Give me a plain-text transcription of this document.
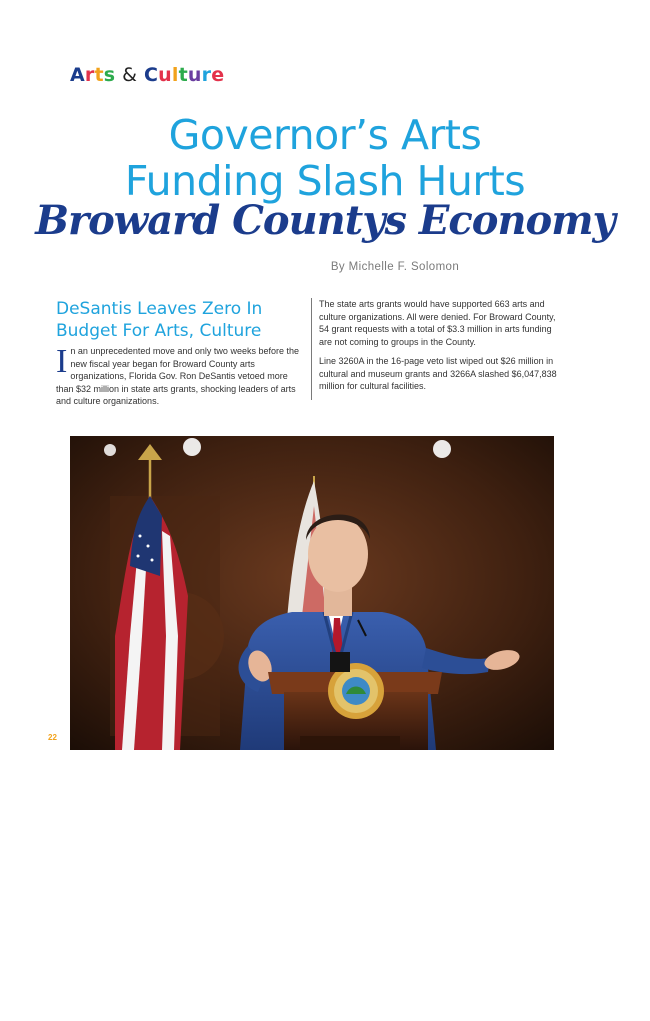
Arts & Culture
Governor’s Arts
Funding Slash Hurts
Broward Countys Economy
By Michelle F. Solomon
DeSantis Leaves Zero In Budget For Arts, Culture

In an unprecedented move and only two weeks before the new fiscal year began for Broward County arts organizations, Florida Gov. Ron DeSantis vetoed more than $32 million in state arts grants, shocking leaders of arts and culture organizations.

The state arts grants would have supported 663 arts and culture organizations. All were denied. For Broward County, 54 grant requests with a total of $3.3 million in arts funding are not coming to groups in the County.

Line 3260A in the 16-page veto list wiped out $26 million in cultural and museum grants and 3266A slashed $6,047,838 million for cultural facilities.

Gov. Ron DeSantis’
“Focus of Florida’s Future Budget,”
which begins July 1, included approximately
$1 billion in line-item vetoes, including zero
state funding for arts and culture.
(Photo courtesy of flo.gov)
22
